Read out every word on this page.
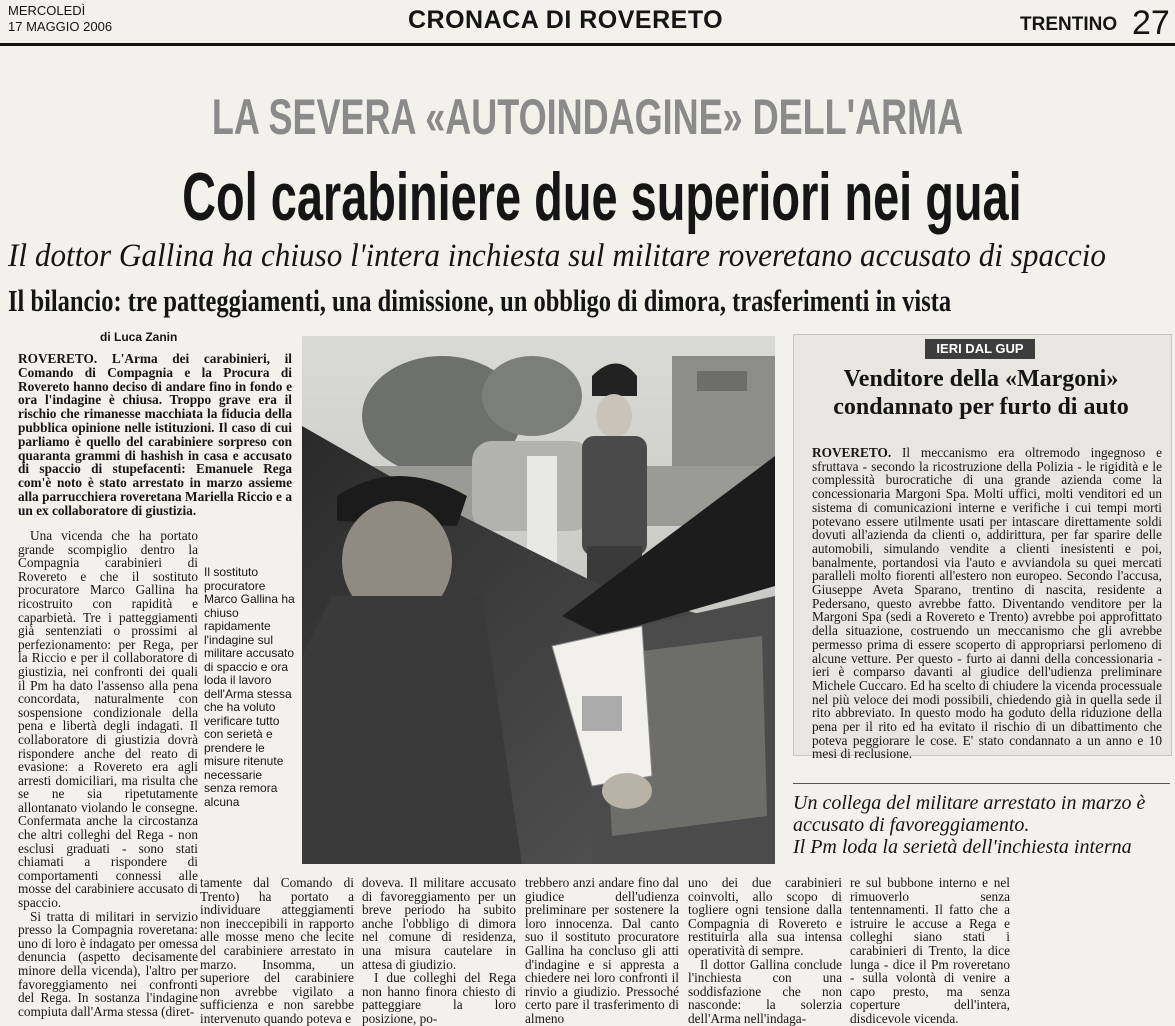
MERCOLEDÌ
17 MAGGIO 2006	CRONACA DI ROVERETO	TRENTINO 27
LA SEVERA «AUTOINDAGINE» DELL'ARMA
Col carabiniere due superiori nei guai
Il dottor Gallina ha chiuso l'intera inchiesta sul militare roveretano accusato di spaccio
Il bilancio: tre patteggiamenti, una dimissione, un obbligo di dimora, trasferimenti in vista
di Luca Zanin
ROVERETO. L'Arma dei carabinieri, il Comando di Compagnia e la Procura di Rovereto hanno deciso di andare fino in fondo e ora l'indagine è chiusa. Troppo grave era il rischio che rimanesse macchiata la fiducia della pubblica opinione nelle istituzioni. Il caso di cui parliamo è quello del carabiniere sorpreso con quaranta grammi di hashish in casa e accusato di spaccio di stupefacenti: Emanuele Rega com'è noto è stato arrestato in marzo assieme alla parrucchiera roveretana Mariella Riccio e a un ex collaboratore di giustizia.

Una vicenda che ha portato grande scompiglio dentro la Compagnia carabinieri di Rovereto e che il sostituto procuratore Marco Gallina ha ricostruito con rapidità e caparbietà. Tre i patteggiamenti già sentenziati o prossimi al perfezionamento: per Rega, per la Riccio e per il collaboratore di giustizia, nei confronti dei quali il Pm ha dato l'assenso alla pena concordata, naturalmente con sospensione condizionale della pena e libertà degli indagati. Il collaboratore di giustizia dovrà rispondere anche del reato di evasione: a Rovereto era agli arresti domiciliari, ma risulta che se ne sia ripetutamente allontanato violando le consegne. Confermata anche la circostanza che altri colleghi del Rega - non esclusi graduati - sono stati chiamati a rispondere di comportamenti connessi alle mosse del carabiniere accusato di spaccio.

Si tratta di militari in servizio presso la Compagnia roveretana: uno di loro è indagato per omessa denuncia (aspetto decisamente minore della vicenda), l'altro per favoreggiamento nei confronti del Rega. In sostanza l'indagine compiuta dall'Arma stessa (diret-

Il sostituto procuratore Marco Gallina ha chiuso rapidamente l'indagine sul militare accusato di spaccio e ora loda il lavoro dell'Arma stessa che ha voluto verificare tutto con serietà e prendere le misure ritenute necessarie senza remora alcuna

tamente dal Comando di Trento) ha portato a individuare atteggiamenti non ineccepibili in rapporto alle mosse meno che lecite del carabiniere arrestato in marzo. Insomma, un superiore del carabiniere non avrebbe vigilato a sufficienza e non sarebbe intervenuto quando poteva e

doveva. Il militare accusato di favoreggiamento per un breve periodo ha subito anche l'obbligo di dimora nel comune di residenza, una misura cautelare in attesa di giudizio.

I due colleghi del Rega non hanno finora chiesto di patteggiare la loro posizione, po-

trebbero anzi andare fino dal giudice dell'udienza preliminare per sostenere la loro innocenza. Dal canto suo il sostituto procuratore Gallina ha concluso gli atti d'indagine e si appresta a chiedere nei loro confronti il rinvio a giudizio. Pressoché certo pare il trasferimento di almeno

uno dei due carabinieri coinvolti, allo scopo di togliere ogni tensione dalla Compagnia di Rovereto e restituirla alla sua intensa operatività di sempre.

Il dottor Gallina conclude l'inchiesta con una soddisfazione che non nasconde: la solerzia dell'Arma nell'indaga-

re sul bubbone interno e nel rimuoverlo senza tentennamenti. Il fatto che a istruire le accuse a Rega e colleghi siano stati i carabinieri di Trento, la dice lunga - dice il Pm roveretano - sulla volontà di venire a capo presto, ma senza coperture dell'intera, disdicevole vicenda.

IERI DAL GUP
Venditore della «Margoni» condannato per furto di auto
ROVERETO. Il meccanismo era oltremodo ingegnoso e sfruttava - secondo la ricostruzione della Polizia - le rigidità e le complessità burocratiche di una grande azienda come la concessionaria Margoni Spa. Molti uffici, molti venditori ed un sistema di comunicazioni interne e verifiche i cui tempi morti potevano essere utilmente usati per intascare direttamente soldi dovuti all'azienda da clienti o, addirittura, per far sparire delle automobili, simulando vendite a clienti inesistenti e poi, banalmente, portandosi via l'auto e avviandola su quei mercati paralleli molto fiorenti all'estero non europeo. Secondo l'accusa, Giuseppe Aveta Sparano, trentino di nascita, residente a Pedersano, questo avrebbe fatto. Diventando venditore per la Margoni Spa (sedi a Rovereto e Trento) avrebbe poi approfittato della situazione, costruendo un meccanismo che gli avrebbe permesso prima di essere scoperto di appropriarsi perlomeno di alcune vetture. Per questo - furto ai danni della concessionaria - ieri è comparso davanti al giudice dell'udienza preliminare Michele Cuccaro. Ed ha scelto di chiudere la vicenda processuale nel più veloce dei modi possibili, chiedendo già in quella sede il rito abbreviato. In questo modo ha goduto della riduzione della pena per il rito ed ha evitato il rischio di un dibattimento che poteva peggiorare le cose. E' stato condannato a un anno e 10 mesi di reclusione.
Un collega del militare arrestato in marzo è accusato di favoreggiamento.
Il Pm loda la serietà dell'inchiesta interna
